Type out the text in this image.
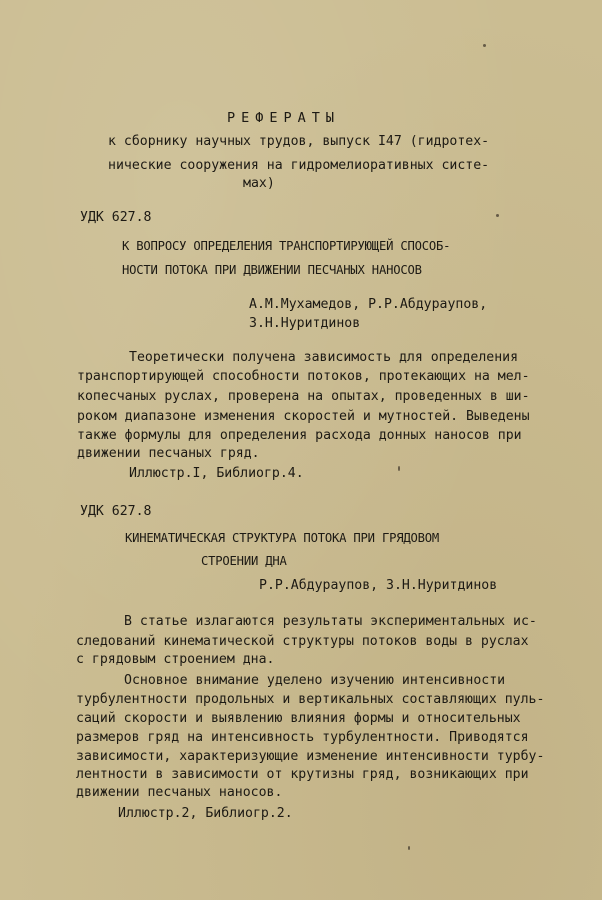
РЕФЕРАТЫ
к сборнику научных трудов, выпуск I47 (гидротех-
нические сооружения на гидромелиоративных систе-
мах)
УДК 627.8
К ВОПРОСУ ОПРЕДЕЛЕНИЯ ТРАНСПОРТИРУЮЩЕЙ СПОСОБ-
НОСТИ ПОТОКА ПРИ ДВИЖЕНИИ ПЕСЧАНЫХ НАНОСОВ
А.М.Мухамедов, Р.Р.Абдураупов,
З.Н.Нуритдинов
Теоретически получена зависимость для определения
транспортирующей способности потоков, протекающих на мел-
копесчаных руслах, проверена на опытах, проведенных в ши-
роком диапазоне изменения скоростей и мутностей. Выведены
также формулы для определения расхода донных наносов при
движении песчаных гряд.
Иллюстр.I, Библиогр.4.
УДК 627.8
КИНЕМАТИЧЕСКАЯ СТРУКТУРА ПОТОКА ПРИ ГРЯДОВОМ
СТРОЕНИИ ДНА
Р.Р.Абдураупов, З.Н.Нуритдинов
В статье излагаются результаты экспериментальных ис-
следований кинематической структуры потоков воды в руслах
с грядовым строением дна.
Основное внимание уделено изучению интенсивности
турбулентности продольных и вертикальных составляющих пуль-
саций скорости и выявлению влияния формы и относительных
размеров гряд на интенсивность турбулентности. Приводятся
зависимости, характеризующие изменение интенсивности турбу-
лентности в зависимости от крутизны гряд, возникающих при
движении песчаных наносов.
Иллюстр.2, Библиогр.2.
